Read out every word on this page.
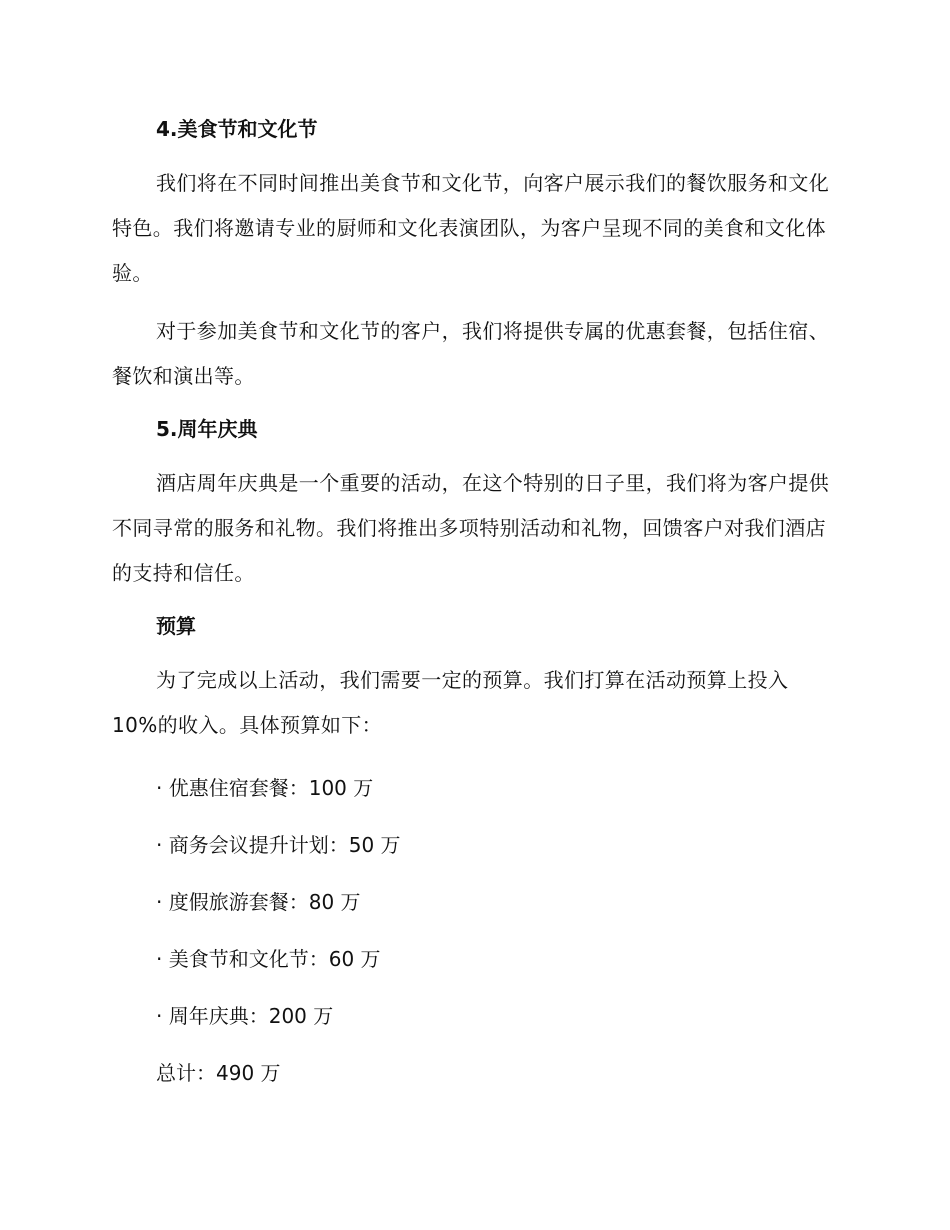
4.美食节和文化节

我们将在不同时间推出美食节和文化节，向客户展示我们的餐饮服务和文化特色。我们将邀请专业的厨师和文化表演团队，为客户呈现不同的美食和文化体验。

对于参加美食节和文化节的客户，我们将提供专属的优惠套餐，包括住宿、餐饮和演出等。

5.周年庆典

酒店周年庆典是一个重要的活动，在这个特别的日子里，我们将为客户提供不同寻常的服务和礼物。我们将推出多项特别活动和礼物，回馈客户对我们酒店的支持和信任。

预算

为了完成以上活动，我们需要一定的预算。我们打算在活动预算上投入10%的收入。具体预算如下：

· 优惠住宿套餐：100 万

· 商务会议提升计划：50 万

· 度假旅游套餐：80 万

· 美食节和文化节：60 万

· 周年庆典：200 万

总计：490 万
